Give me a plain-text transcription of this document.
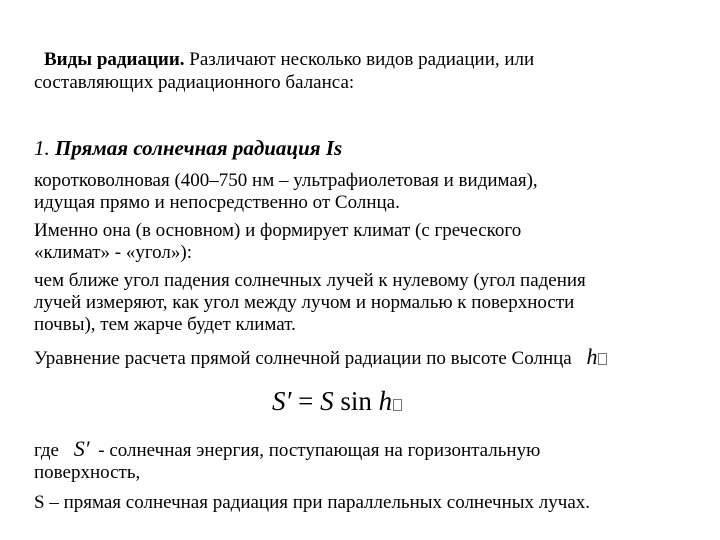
Виды радиации. Различают несколько видов радиации, или
составляющих радиационного баланса:
1. Прямая солнечная радиация Is
коротковолновая (400–750 нм – ультрафиолетовая и видимая),
идущая прямо и непосредственно от Солнца.
Именно она (в основном) и формирует климат (с греческого
«климат» - «угол»):
чем ближе угол падения солнечных лучей к нулевому (угол падения
лучей измеряют, как угол между лучом и нормалью к поверхности
почвы), тем жарче будет климат.
Уравнение расчета прямой солнечной радиации по высоте Солнца h
S′ = S sin h
где S′ - солнечная энергия, поступающая на горизонтальную
поверхность,
S – прямая солнечная радиация при параллельных солнечных лучах.
